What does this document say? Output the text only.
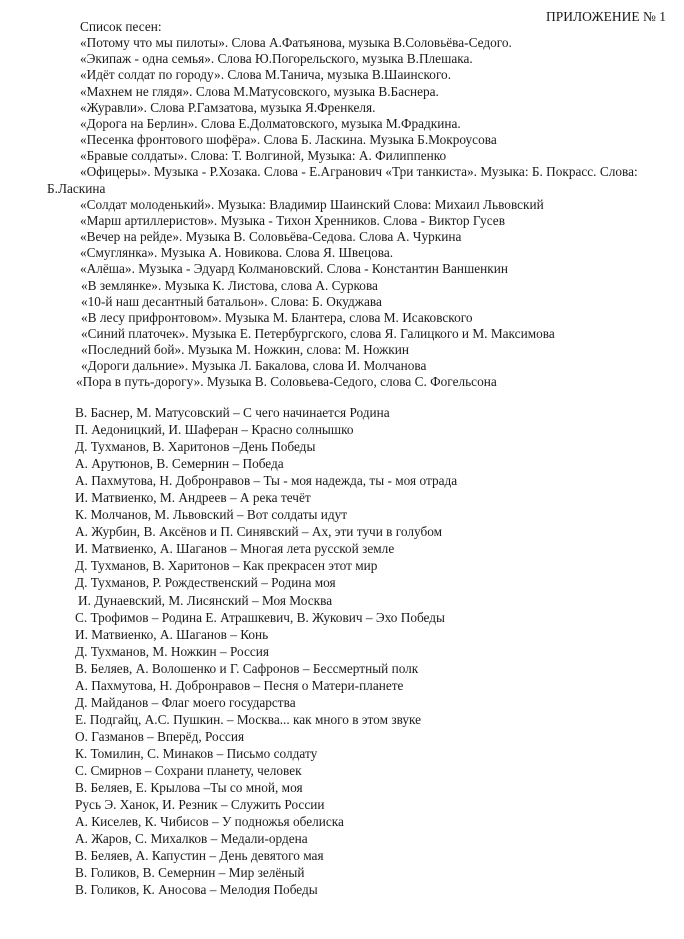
ПРИЛОЖЕНИЕ № 1
Список песен:
«Потому что мы пилоты». Слова А.Фатьянова, музыка В.Соловьёва-Седого.
«Экипаж - одна семья». Слова Ю.Погорельского, музыка В.Плешака.
«Идёт солдат по городу». Слова М.Танича, музыка В.Шаинского.
«Махнем не глядя». Слова М.Матусовского, музыка В.Баснера.
«Журавли». Слова Р.Гамзатова, музыка Я.Френкеля.
«Дорога на Берлин». Слова Е.Долматовского, музыка М.Фрадкина.
«Песенка фронтового шофёра». Слова Б. Ласкина. Музыка Б.Мокроусова
«Бравые солдаты». Слова: Т. Волгиной, Музыка: А. Филиппенко
«Офицеры». Музыка - Р.Хозака. Слова - Е.Агранович «Три танкиста». Музыка: Б. Покрасс. Слова:
Б.Ласкина
«Солдат молоденький». Музыка: Владимир Шаинский Слова: Михаил Львовский
«Марш артиллеристов». Музыка - Тихон Хренников. Слова - Виктор Гусев
«Вечер на рейде». Музыка В. Соловьёва-Седова. Слова А. Чуркина
«Смуглянка». Музыка А. Новикова. Слова Я. Швецова.
«Алёша». Музыка - Эдуард Колмановский. Слова - Константин Ваншенкин
«В землянке». Музыка К. Листова, слова А. Суркова
«10-й наш десантный батальон». Слова: Б. Окуджава
«В лесу прифронтовом». Музыка М. Блантера, слова М. Исаковского
«Синий платочек». Музыка Е. Петербургского, слова Я. Галицкого и М. Максимова
«Последний бой». Музыка М. Ножкин, слова: М. Ножкин
«Дороги дальние». Музыка Л. Бакалова, слова И. Молчанова
«Пора в путь-дорогу». Музыка В. Соловьева-Седого, слова С. Фогельсона
В. Баснер, М. Матусовский – С чего начинается Родина
П. Аедоницкий, И. Шаферан – Красно солнышко
Д. Тухманов, В. Харитонов –День Победы
А. Арутюнов, В. Семернин – Победа
А. Пахмутова, Н. Добронравов – Ты - моя надежда, ты - моя отрада
И. Матвиенко, М. Андреев – А река течёт
К. Молчанов, М. Львовский – Вот солдаты идут
А. Журбин, В. Аксёнов и П. Синявский – Ах, эти тучи в голубом
И. Матвиенко, А. Шаганов – Многая лета русской земле
Д. Тухманов, В. Харитонов – Как прекрасен этот мир
Д. Тухманов, Р. Рождественский – Родина моя
И. Дунаевский, М. Лисянский – Моя Москва
С. Трофимов – Родина Е. Атрашкевич, В. Жукович – Эхо Победы
И. Матвиенко, А. Шаганов – Конь
Д. Тухманов, М. Ножкин – Россия
В. Беляев, А. Волошенко и Г. Сафронов – Бессмертный полк
А. Пахмутова, Н. Добронравов – Песня о Матери-планете
Д. Майданов – Флаг моего государства
Е. Подгайц, А.С. Пушкин. – Москва... как много в этом звуке
О. Газманов – Вперёд, Россия
К. Томилин, С. Минаков – Письмо солдату
С. Смирнов – Сохрани планету, человек
В. Беляев, Е. Крылова –Ты со мной, моя
Русь Э. Ханок, И. Резник – Служить России
А. Киселев, К. Чибисов – У подножья обелиска
А. Жаров, С. Михалков – Медали-ордена
В. Беляев, А. Капустин – День девятого мая
В. Голиков, В. Семернин – Мир зелёный
В. Голиков, К. Аносова – Мелодия Победы
